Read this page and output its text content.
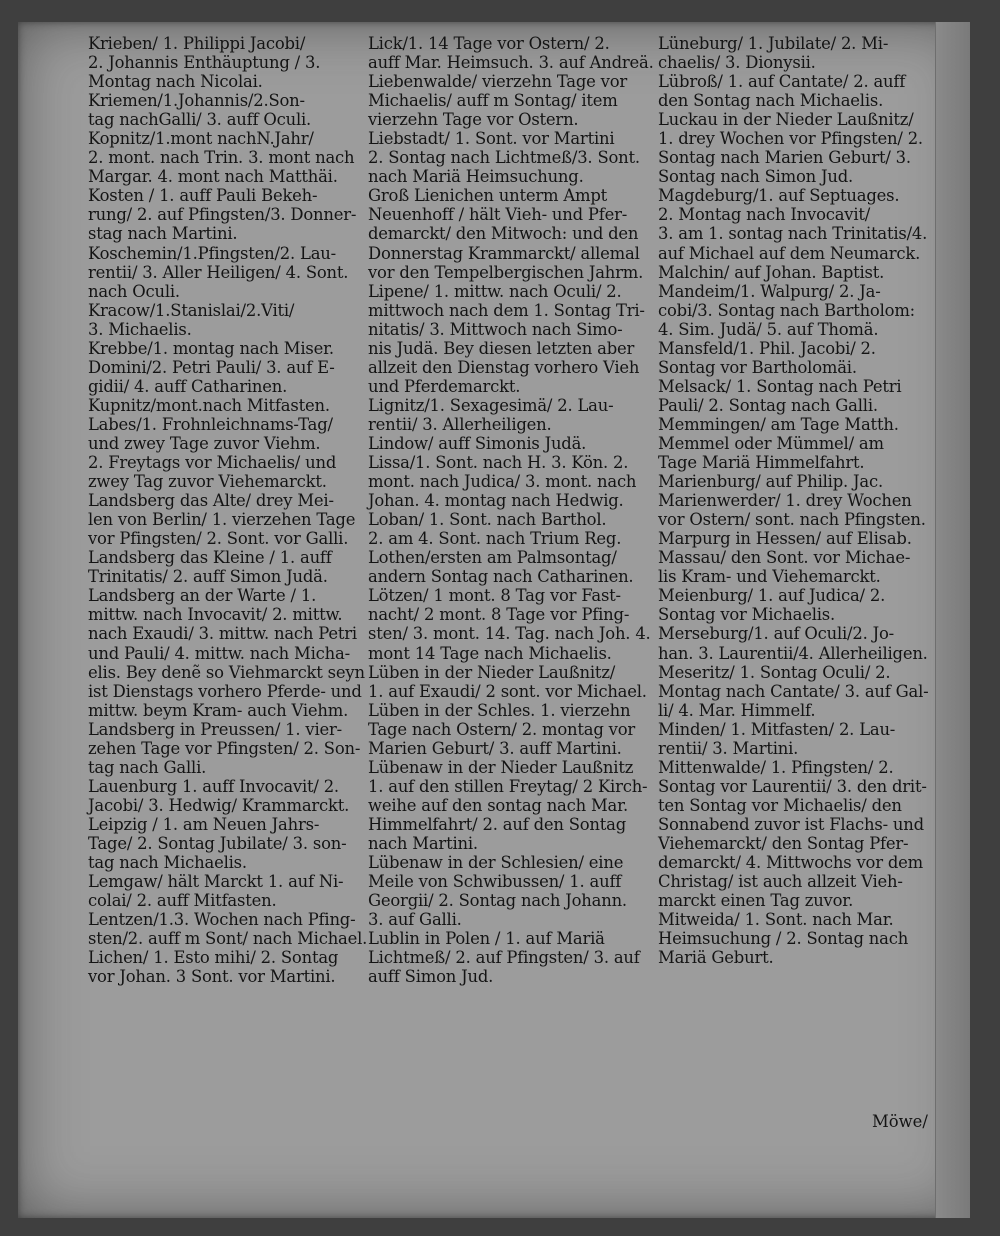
Krieben/ 1. Philippi Jacobi/
2. Johannis Enthäuptung / 3.
Montag nach Nicolai.
Kriemen/1.Johannis/2.Son-
tag nachGalli/ 3. auff Oculi.
Kopnitz/1.mont nachN.Jahr/
2. mont. nach Trin. 3. mont nach
Margar. 4. mont nach Matthäi.
Kosten / 1. auff Pauli Bekeh-
rung/ 2. auf Pfingsten/3. Donner-
stag nach Martini.
Koschemin/1.Pfingsten/2. Lau-
rentii/ 3. Aller Heiligen/ 4. Sont.
nach Oculi.
Kracow/1.Stanislai/2.Viti/
3. Michaelis.
Krebbe/1. montag nach Miser.
Domini/2. Petri Pauli/ 3. auf E-
gidii/ 4. auff Catharinen.
Kupnitz/mont.nach Mitfasten.
Labes/1. Frohnleichnams-Tag/
und zwey Tage zuvor Viehm.
2. Freytags vor Michaelis/ und
zwey Tag zuvor Viehemarckt.
Landsberg das Alte/ drey Mei-
len von Berlin/ 1. vierzehen Tage
vor Pfingsten/ 2. Sont. vor Galli.
Landsberg das Kleine / 1. auff
Trinitatis/ 2. auff Simon Judä.
Landsberg an der Warte / 1.
mittw. nach Invocavit/ 2. mittw.
nach Exaudi/ 3. mittw. nach Petri
und Pauli/ 4. mittw. nach Micha-
elis. Bey denẽ so Viehmarckt seyn
ist Dienstags vorhero Pferde- und
mittw. beym Kram- auch Viehm.
Landsberg in Preussen/ 1. vier-
zehen Tage vor Pfingsten/ 2. Son-
tag nach Galli.
Lauenburg 1. auff Invocavit/ 2.
Jacobi/ 3. Hedwig/ Krammarckt.
Leipzig / 1. am Neuen Jahrs-
Tage/ 2. Sontag Jubilate/ 3. son-
tag nach Michaelis.
Lemgaw/ hält Marckt 1. auf Ni-
colai/ 2. auff Mitfasten.
Lentzen/1.3. Wochen nach Pfing-
sten/2. auff m Sont/ nach Michael.
Lichen/ 1. Esto mihi/ 2. Sontag
vor Johan. 3 Sont. vor Martini.
Lick/1. 14 Tage vor Ostern/ 2.
auff Mar. Heimsuch. 3. auf Andreä.
Liebenwalde/ vierzehn Tage vor
Michaelis/ auff m Sontag/ item
vierzehn Tage vor Ostern.
Liebstadt/ 1. Sont. vor Martini
2. Sontag nach Lichtmeß/3. Sont.
nach Mariä Heimsuchung.
Groß Lienichen unterm Ampt
Neuenhoff / hält Vieh- und Pfer-
demarckt/ den Mitwoch: und den
Donnerstag Krammarckt/ allemal
vor den Tempelbergischen Jahrm.
Lipene/ 1. mittw. nach Oculi/ 2.
mittwoch nach dem 1. Sontag Tri-
nitatis/ 3. Mittwoch nach Simo-
nis Judä. Bey diesen letzten aber
allzeit den Dienstag vorhero Vieh
und Pferdemarckt.
Lignitz/1. Sexagesimä/ 2. Lau-
rentii/ 3. Allerheiligen.
Lindow/ auff Simonis Judä.
Lissa/1. Sont. nach H. 3. Kön. 2.
mont. nach Judica/ 3. mont. nach
Johan. 4. montag nach Hedwig.
Loban/ 1. Sont. nach Barthol.
2. am 4. Sont. nach Trium Reg.
Lothen/ersten am Palmsontag/
andern Sontag nach Catharinen.
Lötzen/ 1 mont. 8 Tag vor Fast-
nacht/ 2 mont. 8 Tage vor Pfing-
sten/ 3. mont. 14. Tag. nach Joh. 4.
mont 14 Tage nach Michaelis.
Lüben in der Nieder Laußnitz/
1. auf Exaudi/ 2 sont. vor Michael.
Lüben in der Schles. 1. vierzehn
Tage nach Ostern/ 2. montag vor
Marien Geburt/ 3. auff Martini.
Lübenaw in der Nieder Laußnitz
1. auf den stillen Freytag/ 2 Kirch-
weihe auf den sontag nach Mar.
Himmelfahrt/ 2. auf den Sontag
nach Martini.
Lübenaw in der Schlesien/ eine
Meile von Schwibussen/ 1. auff
Georgii/ 2. Sontag nach Johann.
3. auf Galli.
Lublin in Polen / 1. auf Mariä
Lichtmeß/ 2. auf Pfingsten/ 3. auf
auff Simon Jud.
Lüneburg/ 1. Jubilate/ 2. Mi-
chaelis/ 3. Dionysii.
Lübroß/ 1. auf Cantate/ 2. auff
den Sontag nach Michaelis.
Luckau in der Nieder Laußnitz/
1. drey Wochen vor Pfingsten/ 2.
Sontag nach Marien Geburt/ 3.
Sontag nach Simon Jud.
Magdeburg/1. auf Septuages.
2. Montag nach Invocavit/
3. am 1. sontag nach Trinitatis/4.
auf Michael auf dem Neumarck.
Malchin/ auf Johan. Baptist.
Mandeim/1. Walpurg/ 2. Ja-
cobi/3. Sontag nach Bartholom:
4. Sim. Judä/ 5. auf Thomä.
Mansfeld/1. Phil. Jacobi/ 2.
Sontag vor Bartholomäi.
Melsack/ 1. Sontag nach Petri
Pauli/ 2. Sontag nach Galli.
Memmingen/ am Tage Matth.
Memmel oder Mümmel/ am
Tage Mariä Himmelfahrt.
Marienburg/ auf Philip. Jac.
Marienwerder/ 1. drey Wochen
vor Ostern/ sont. nach Pfingsten.
Marpurg in Hessen/ auf Elisab.
Massau/ den Sont. vor Michae-
lis Kram- und Viehemarckt.
Meienburg/ 1. auf Judica/ 2.
Sontag vor Michaelis.
Merseburg/1. auf Oculi/2. Jo-
han. 3. Laurentii/4. Allerheiligen.
Meseritz/ 1. Sontag Oculi/ 2.
Montag nach Cantate/ 3. auf Gal-
li/ 4. Mar. Himmelf.
Minden/ 1. Mitfasten/ 2. Lau-
rentii/ 3. Martini.
Mittenwalde/ 1. Pfingsten/ 2.
Sontag vor Laurentii/ 3. den drit-
ten Sontag vor Michaelis/ den
Sonnabend zuvor ist Flachs- und
Viehemarckt/ den Sontag Pfer-
demarckt/ 4. Mittwochs vor dem
Christag/ ist auch allzeit Vieh-
marckt einen Tag zuvor.
Mitweida/ 1. Sont. nach Mar.
Heimsuchung / 2. Sontag nach
Mariä Geburt.
Möwe/
